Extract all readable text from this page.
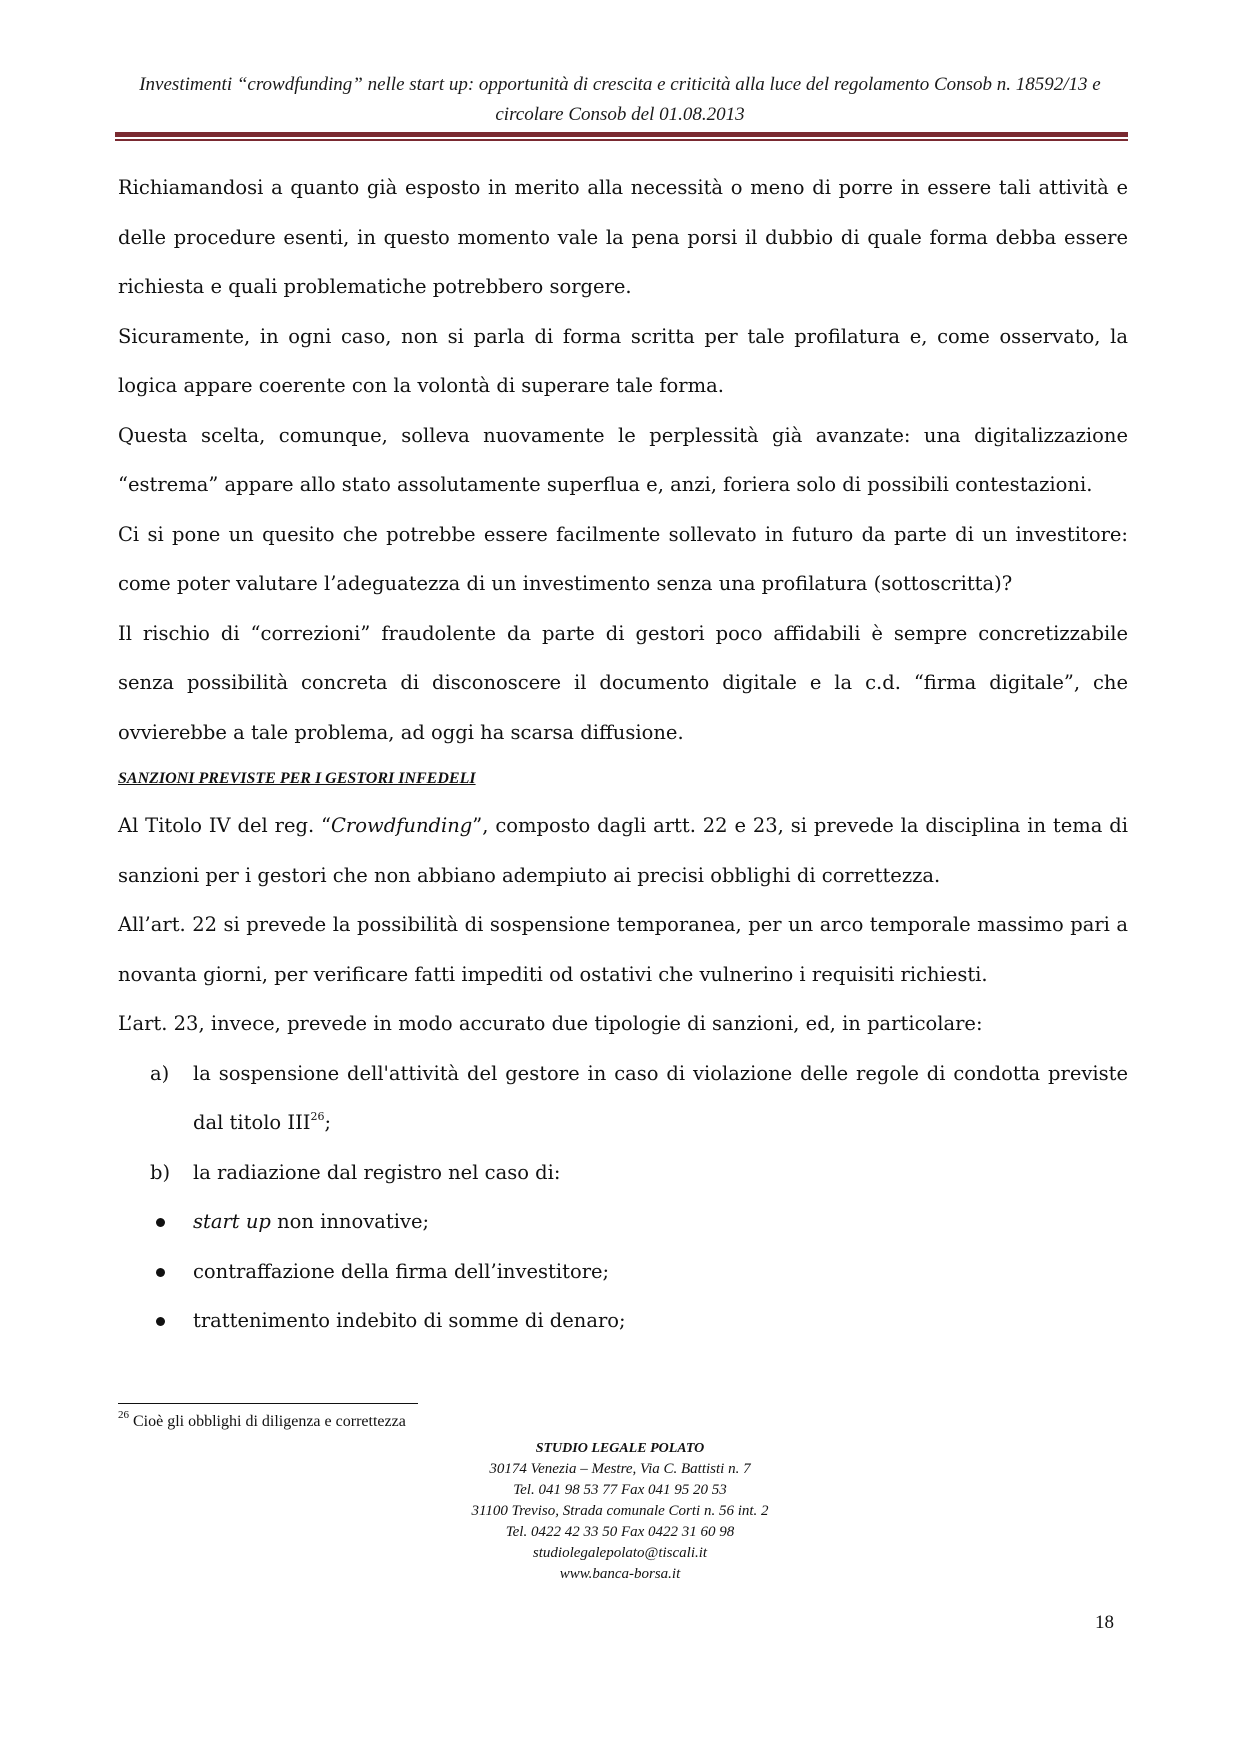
Investimenti “crowdfunding” nelle start up: opportunità di crescita e criticità alla luce del regolamento Consob n. 18592/13 e circolare Consob del 01.08.2013

Richiamandosi a quanto già esposto in merito alla necessità o meno di porre in essere tali attività e delle procedure esenti, in questo momento vale la pena porsi il dubbio di quale forma debba essere richiesta e quali problematiche potrebbero sorgere.

Sicuramente, in ogni caso, non si parla di forma scritta per tale profilatura e, come osservato, la logica appare coerente con la volontà di superare tale forma.

Questa scelta, comunque, solleva nuovamente le perplessità già avanzate: una digitalizzazione “estrema” appare allo stato assolutamente superflua e, anzi, foriera solo di possibili contestazioni.

Ci si pone un quesito che potrebbe essere facilmente sollevato in futuro da parte di un investitore: come poter valutare l’adeguatezza di un investimento senza una profilatura (sottoscritta)?

Il rischio di “correzioni” fraudolente da parte di gestori poco affidabili è sempre concretizzabile senza possibilità concreta di disconoscere il documento digitale e la c.d. “firma digitale”, che ovvierebbe a tale problema, ad oggi ha scarsa diffusione.

SANZIONI PREVISTE PER I GESTORI INFEDELI

Al Titolo IV del reg. “Crowdfunding”, composto dagli artt. 22 e 23, si prevede la disciplina in tema di sanzioni per i gestori che non abbiano adempiuto ai precisi obblighi di correttezza.

All’art. 22 si prevede la possibilità di sospensione temporanea, per un arco temporale massimo pari a novanta giorni, per verificare fatti impediti od ostativi che vulnerino i requisiti richiesti.

L’art. 23, invece, prevede in modo accurato due tipologie di sanzioni, ed, in particolare:

a) la sospensione dell'attività del gestore in caso di violazione delle regole di condotta previste dal titolo III$^{26}$;
b) la radiazione dal registro nel caso di:
start up non innovative;
contraffazione della firma dell’investitore;
trattenimento indebito di somme di denaro;
$^{26}$ Cioè gli obblighi di diligenza e correttezza
STUDIO LEGALE POLATO
30174 Venezia – Mestre, Via C. Battisti n. 7
Tel. 041 98 53 77 Fax 041 95 20 53
31100 Treviso, Strada comunale Corti n. 56 int. 2
Tel. 0422 42 33 50 Fax 0422 31 60 98
studiolegalepolato@tiscali.it
www.banca-borsa.it
18
